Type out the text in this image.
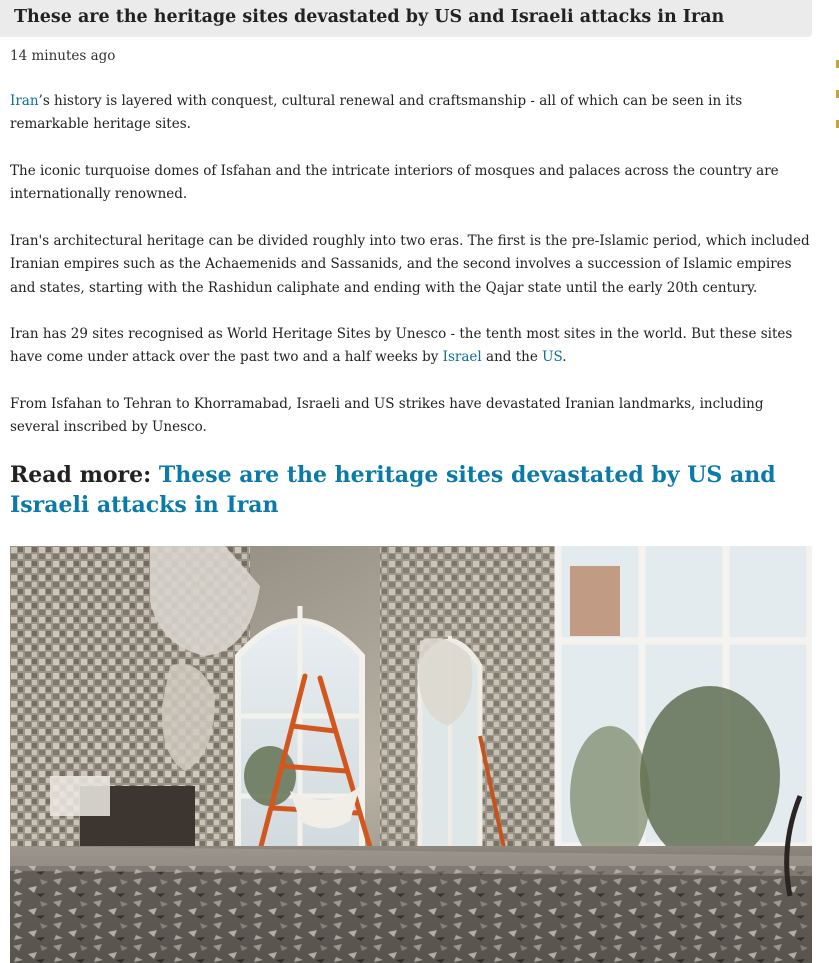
These are the heritage sites devastated by US and Israeli attacks in Iran
14 minutes ago

Iran’s history is layered with conquest, cultural renewal and craftsmanship - all of which can be seen in its remarkable heritage sites.

The iconic turquoise domes of Isfahan and the intricate interiors of mosques and palaces across the country are internationally renowned.

Iran's architectural heritage can be divided roughly into two eras. The first is the pre-Islamic period, which included Iranian empires such as the Achaemenids and Sassanids, and the second involves a succession of Islamic empires and states, starting with the Rashidun caliphate and ending with the Qajar state until the early 20th century.

Iran has 29 sites recognised as World Heritage Sites by Unesco - the tenth most sites in the world. But these sites have come under attack over the past two and a half weeks by Israel and the US.

From Isfahan to Tehran to Khorramabad, Israeli and US strikes have devastated Iranian landmarks, including several inscribed by Unesco.

Read more: These are the heritage sites devastated by US and Israeli attacks in Iran
